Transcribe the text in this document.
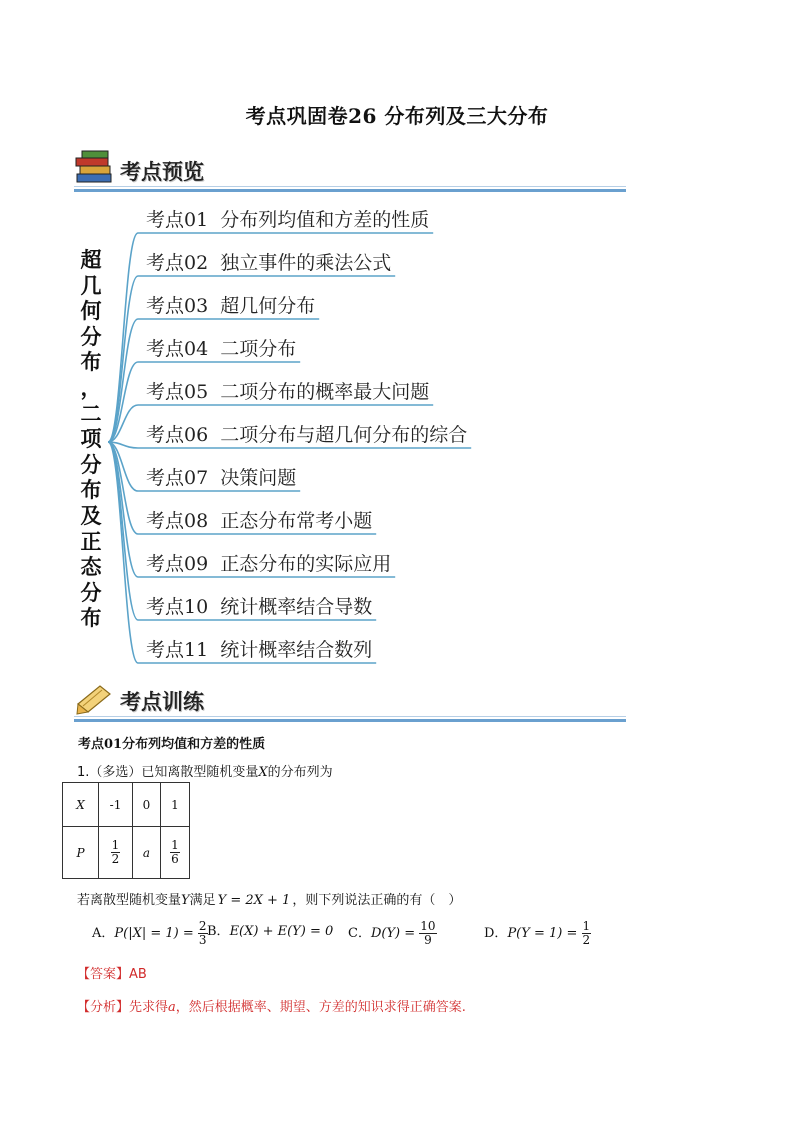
考点巩固卷26 分布列及三大分布
考点预览
超
几
何
分
布
，
二
项
分
布
及
正
态
分
布
考点01 分布列均值和方差的性质
考点02 独立事件的乘法公式
考点03 超几何分布
考点04 二项分布
考点05 二项分布的概率最大问题
考点06 二项分布与超几何分布的综合
考点07 决策问题
考点08 正态分布常考小题
考点09 正态分布的实际应用
考点10 统计概率结合导数
考点11 统计概率结合数列
考点训练
考点01分布列均值和方差的性质
1.（多选）已知离散型随机变量X的分布列为
X	-1	0	1
P	$\frac{1}{2}$	a	$\frac{1}{6}$
若离散型随机变量Y满足 Y = 2X + 1 ，则下列说法正确的有（　）
A．$P(|X| = 1) = \frac{2}{3}$ B．E(X) + E(Y) = 0 C．$D(Y) = \frac{10}{9}$	D．$P(Y = 1) = \frac{1}{2}$
【答案】AB
【分析】先求得a，然后根据概率、期望、方差的知识求得正确答案.
